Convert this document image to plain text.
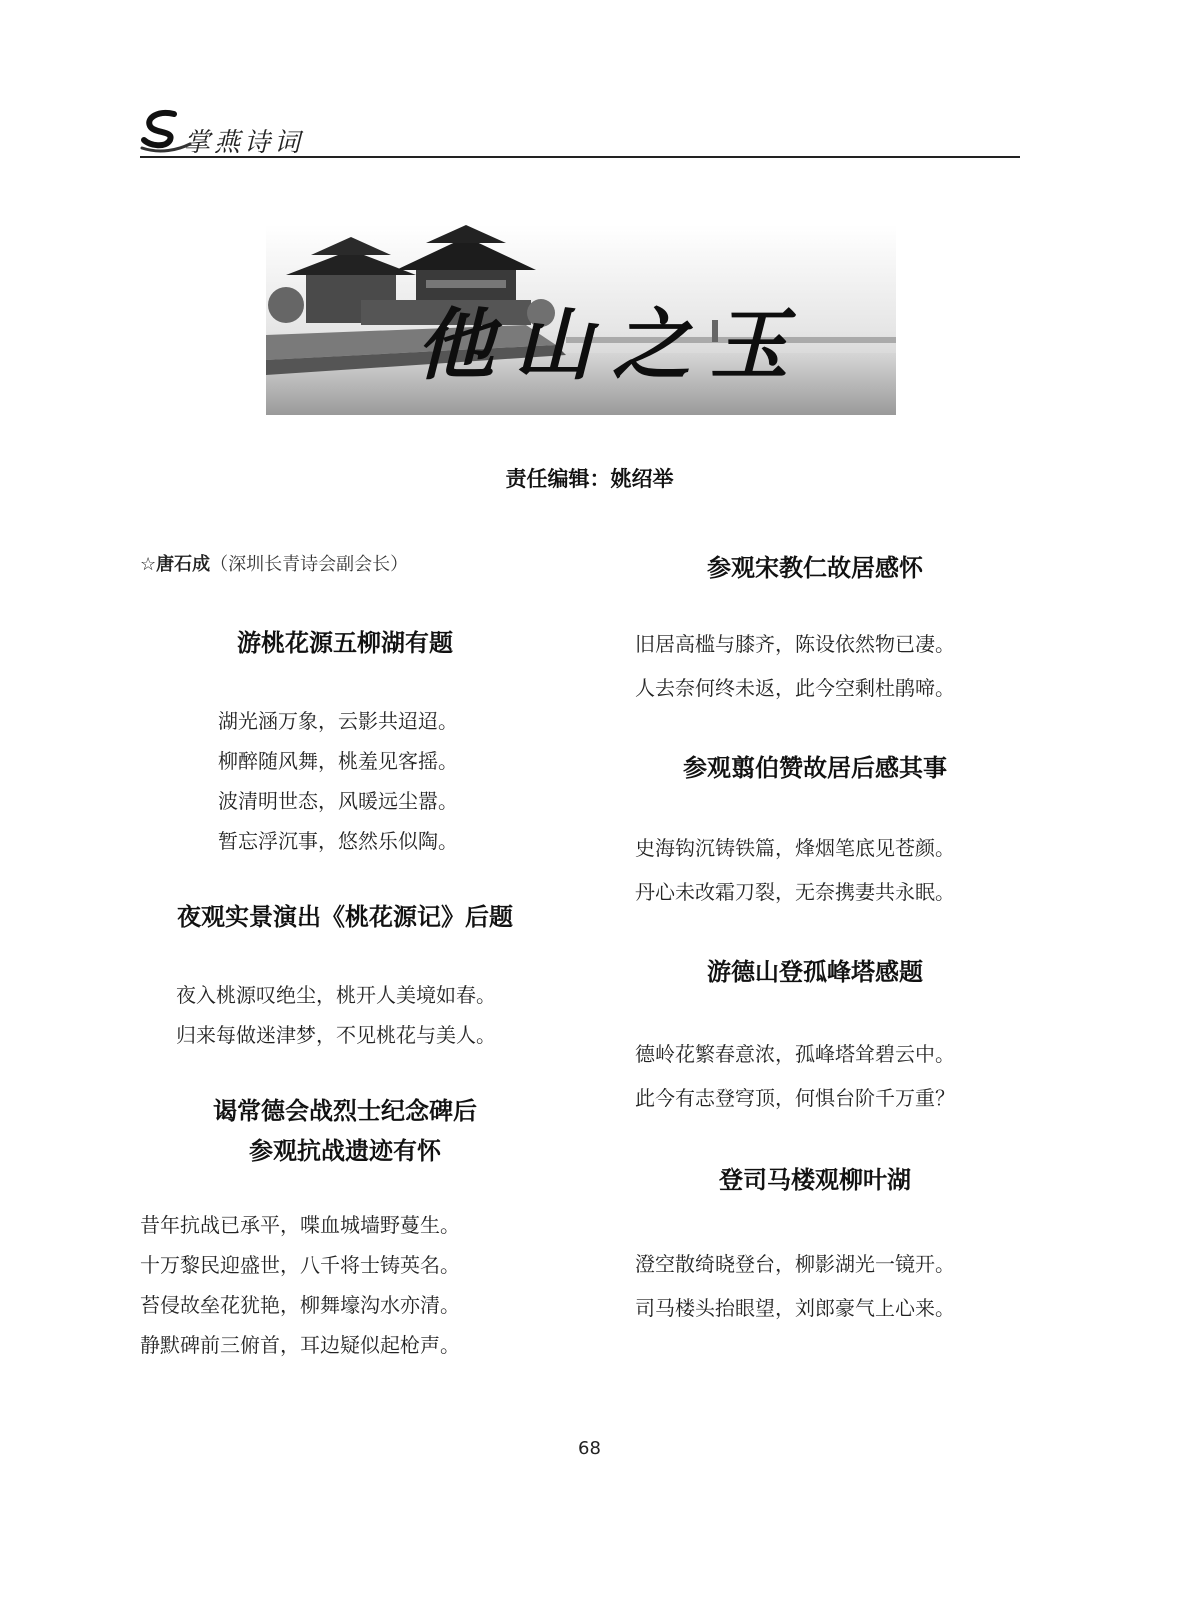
掌燕诗词
他山之玉
责任编辑：姚绍举
☆唐石成（深圳长青诗会副会长）
游桃花源五柳湖有题
湖光涵万象，云影共迢迢。
柳醉随风舞，桃羞见客摇。
波清明世态，风暖远尘嚣。
暂忘浮沉事，悠然乐似陶。
夜观实景演出《桃花源记》后题
夜入桃源叹绝尘，桃开人美境如春。
归来每做迷津梦，不见桃花与美人。
谒常德会战烈士纪念碑后
参观抗战遗迹有怀
昔年抗战已承平，喋血城墙野蔓生。
十万黎民迎盛世，八千将士铸英名。
苔侵故垒花犹艳，柳舞壕沟水亦清。
静默碑前三俯首，耳边疑似起枪声。
参观宋教仁故居感怀
旧居高槛与膝齐，陈设依然物已凄。
人去奈何终未返，此今空剩杜鹃啼。
参观翦伯赞故居后感其事
史海钩沉铸铁篇，烽烟笔底见苍颜。
丹心未改霜刀裂，无奈携妻共永眠。
游德山登孤峰塔感题
德岭花繁春意浓，孤峰塔耸碧云中。
此今有志登穹顶，何惧台阶千万重？
登司马楼观柳叶湖
澄空散绮晓登台，柳影湖光一镜开。
司马楼头抬眼望，刘郎豪气上心来。
68
